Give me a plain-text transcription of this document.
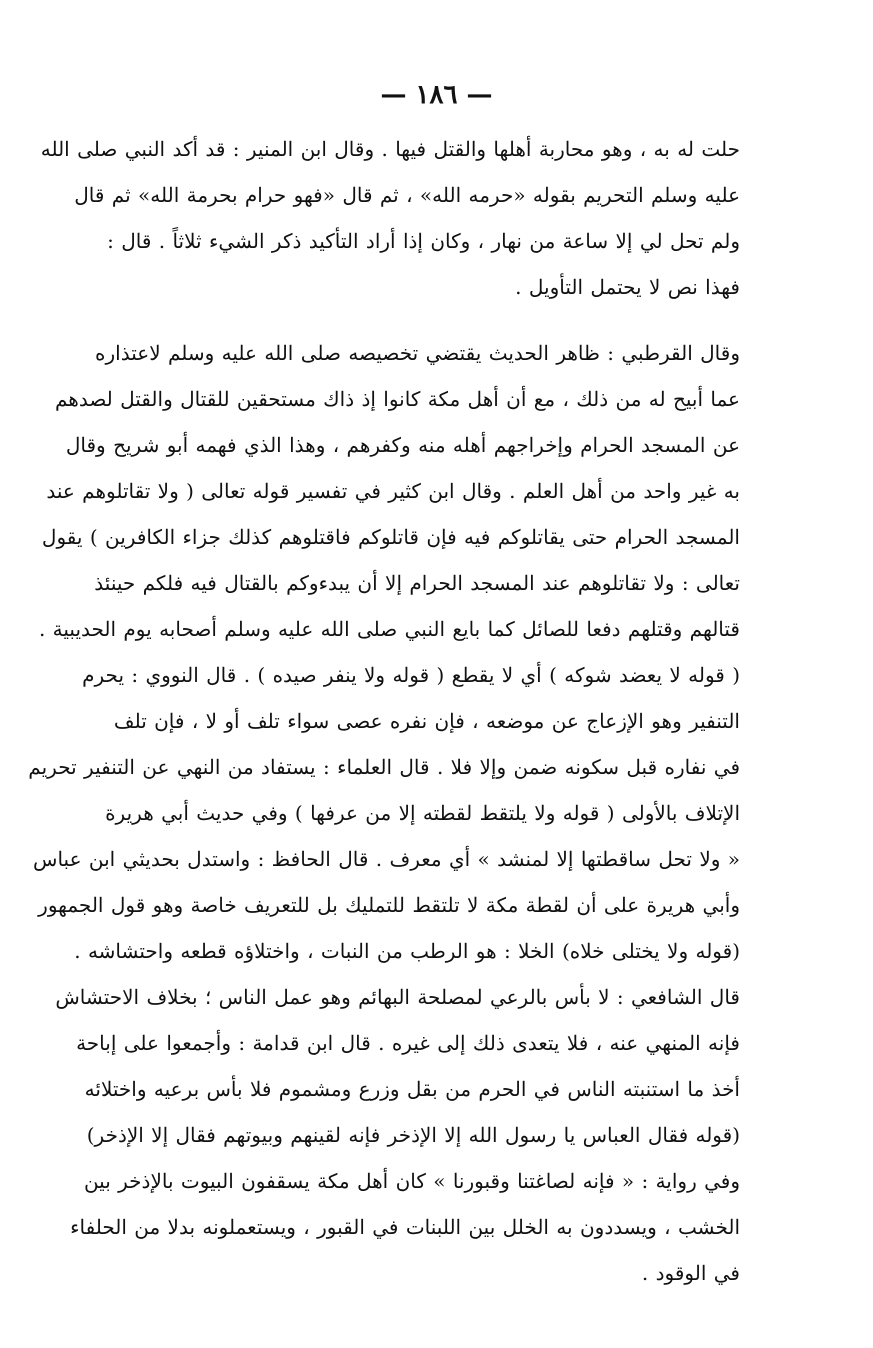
— ١٨٦ —
حلت له به ، وهو محاربة أهلها والقتل فيها . وقال ابن المنير : قد أكد النبي صلى الله
عليه وسلم التحريم بقوله «حرمه الله» ، ثم قال «فهو حرام بحرمة الله» ثم قال
ولم تحل لي إلا ساعة من نهار ، وكان إذا أراد التأكيد ذكر الشيء ثلاثاً . قال :
فهذا نص لا يحتمل التأويل .
وقال القرطبي : ظاهر الحديث يقتضي تخصيصه صلى الله عليه وسلم لاعتذاره
عما أبيح له من ذلك ، مع أن أهل مكة كانوا إذ ذاك مستحقين للقتال والقتل لصدهم
عن المسجد الحرام وإخراجهم أهله منه وكفرهم ، وهذا الذي فهمه أبو شريح وقال
به غير واحد من أهل العلم . وقال ابن كثير في تفسير قوله تعالى ( ولا تقاتلوهم عند
المسجد الحرام حتى يقاتلوكم فيه فإن قاتلوكم فاقتلوهم كذلك جزاء الكافرين ) يقول
تعالى : ولا تقاتلوهم عند المسجد الحرام إلا أن يبدءوكم بالقتال فيه فلكم حينئذ
قتالهم وقتلهم دفعا للصائل كما بايع النبي صلى الله عليه وسلم أصحابه يوم الحديبية .
( قوله لا يعضد شوكه ) أي لا يقطع ( قوله ولا ينفر صيده ) . قال النووي : يحرم
التنفير وهو الإزعاج عن موضعه ، فإن نفره عصى سواء تلف أو لا ، فإن تلف
في نفاره قبل سكونه ضمن وإلا فلا . قال العلماء : يستفاد من النهي عن التنفير تحريم
الإتلاف بالأولى ( قوله ولا يلتقط لقطته إلا من عرفها ) وفي حديث أبي هريرة
« ولا تحل ساقطتها إلا لمنشد » أي معرف . قال الحافظ : واستدل بحديثي ابن عباس
وأبي هريرة على أن لقطة مكة لا تلتقط للتمليك بل للتعريف خاصة وهو قول الجمهور
(قوله ولا يختلى خلاه) الخلا : هو الرطب من النبات ، واختلاؤه قطعه واحتشاشه .
قال الشافعي : لا بأس بالرعي لمصلحة البهائم وهو عمل الناس ؛ بخلاف الاحتشاش
فإنه المنهي عنه ، فلا يتعدى ذلك إلى غيره . قال ابن قدامة : وأجمعوا على إباحة
أخذ ما استنبته الناس في الحرم من بقل وزرع ومشموم فلا بأس برعيه واختلائه
(قوله فقال العباس يا رسول الله إلا الإذخر فإنه لقينهم وبيوتهم فقال إلا الإذخر)
وفي رواية : « فإنه لصاغتنا وقبورنا » كان أهل مكة يسقفون البيوت بالإذخر بين
الخشب ، ويسددون به الخلل بين اللبنات في القبور ، ويستعملونه بدلا من الحلفاء
في الوقود .
